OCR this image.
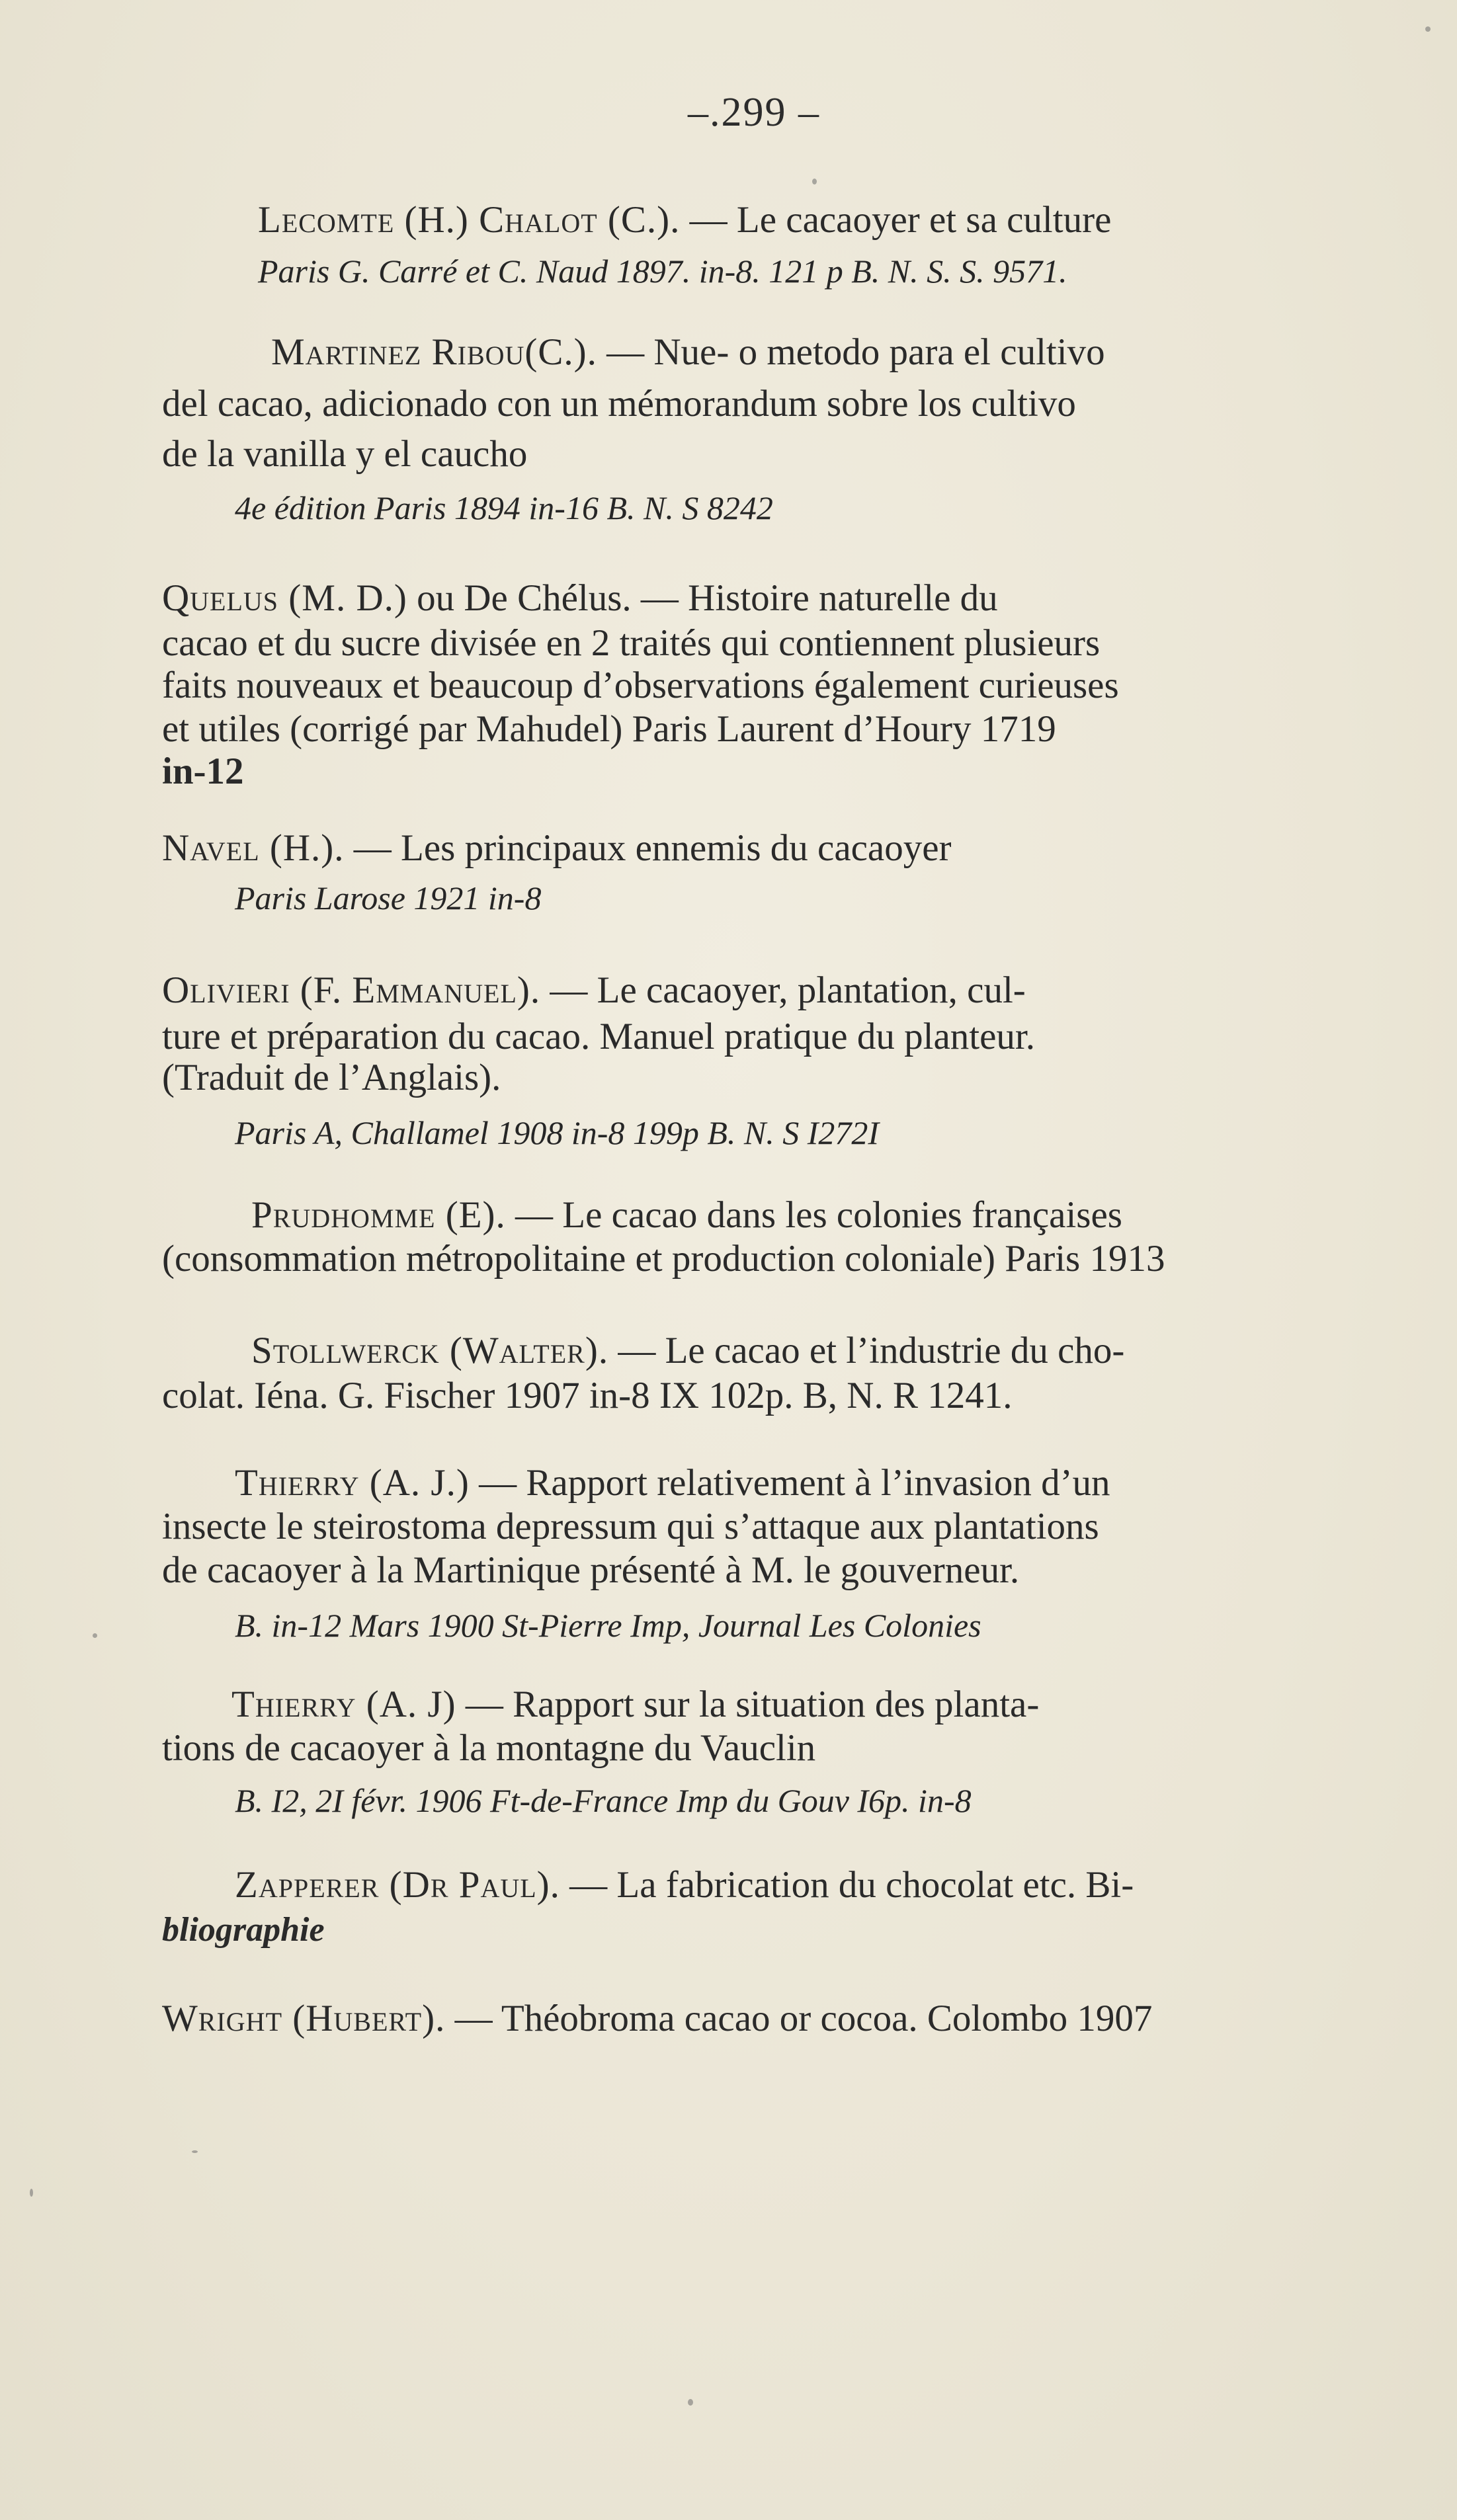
–.299 –
Lecomte (H.) Chalot (C.). — Le cacaoyer et sa culture
Paris G. Carré et C. Naud 1897. in-8. 121 p B. N. S. S. 9571.
Martinez Ribou(C.). — Nue- o metodo para el cultivo
del cacao, adicionado con un mémorandum sobre los cultivo
de la vanilla y el caucho
4e édition Paris 1894 in-16 B. N. S 8242
Quelus (M. D.) ou De Chélus. — Histoire naturelle du
cacao et du sucre divisée en 2 traités qui contiennent plusieurs
faits nouveaux et beaucoup d’observations également curieuses
et utiles (corrigé par Mahudel) Paris Laurent d’Houry 1719
in-12
Navel (H.). — Les principaux ennemis du cacaoyer
Paris Larose 1921 in-8
Olivieri (F. Emmanuel). — Le cacaoyer, plantation, cul-
ture et préparation du cacao. Manuel pratique du planteur.
(Traduit de l’Anglais).
Paris A, Challamel 1908 in-8 199p B. N. S I272I
Prudhomme (E). — Le cacao dans les colonies françaises
(consommation métropolitaine et production coloniale) Paris 1913
Stollwerck (Walter). — Le cacao et l’industrie du cho-
colat. Iéna. G. Fischer 1907 in-8 IX 102p. B, N. R 1241.
Thierry (A. J.) — Rapport relativement à l’invasion d’un
insecte le steirostoma depressum qui s’attaque aux plantations
de cacaoyer à la Martinique présenté à M. le gouverneur.
B. in-12 Mars 1900 St-Pierre Imp, Journal Les Colonies
Thierry (A. J) — Rapport sur la situation des planta-
tions de cacaoyer à la montagne du Vauclin
B. I2, 2I févr. 1906 Ft-de-France Imp du Gouv I6p. in-8
Zapperer (Dr Paul). — La fabrication du chocolat etc. Bi-
bliographie
Wright (Hubert). — Théobroma cacao or cocoa. Colombo 1907
